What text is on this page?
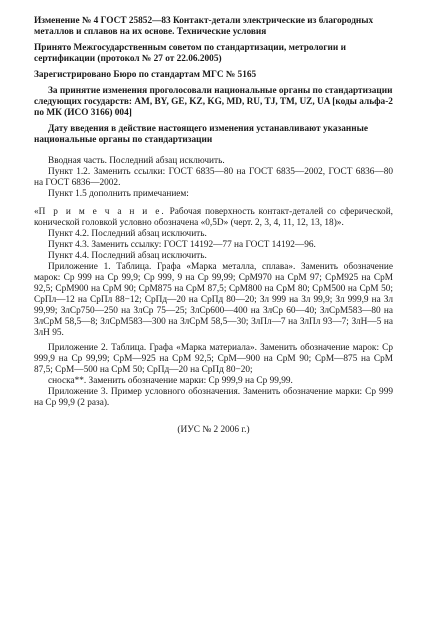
Изменение № 4 ГОСТ 25852—83 Контакт-детали электрические из благородных металлов и сплавов на их основе. Технические условия

Принято Межгосударственным советом по стандартизации, метрологии и сертификации (протокол № 27 от 22.06.2005)

Зарегистрировано Бюро по стандартам МГС № 5165

За принятие изменения проголосовали национальные органы по стандартизации следующих государств: AM, BY, GE, KZ, KG, MD, RU, TJ, TM, UZ, UA [коды альфа-2 по МК (ИСО 3166) 004]

Дату введения в действие настоящего изменения устанавливают указанные национальные органы по стандартизации

Вводная часть. Последний абзац исключить.

Пункт 1.2. Заменить ссылки: ГОСТ 6835—80 на ГОСТ 6835—2002, ГОСТ 6836—80 на ГОСТ 6836—2002.

Пункт 1.5 дополнить примечанием:

«П р и м е ч а н и е. Рабочая поверхность контакт-деталей со сферической, конической головкой условно обозначена «0,5D» (черт. 2, 3, 4, 11, 12, 13, 18)».

Пункт 4.2. Последний абзац исключить.

Пункт 4.3. Заменить ссылку: ГОСТ 14192—77 на ГОСТ 14192—96.

Пункт 4.4. Последний абзац исключить.

Приложение 1. Таблица. Графа «Марка металла, сплава». Заменить обозначение марок: Ср 999 на Ср 99,9; Ср 999, 9 на Ср 99,99; СрМ970 на СрМ 97; СрМ925 на СрМ 92,5; СрМ900 на СрМ 90; СрМ875 на СрМ 87,5; СрМ800 на СрМ 80; СрМ500 на СрМ 50; СрПл—12 на СрПл 88−12; СрПд—20 на СрПд 80—20; Зл 999 на Зл 99,9; Зл 999,9 на Зл 99,99; ЗлСр750—250 на ЗлСр 75—25; ЗлСр600—400 на ЗлСр 60—40; ЗлСрМ583—80 на ЗлСрМ 58,5—8; ЗлСрМ583—300 на ЗлСрМ 58,5—30; ЗлПл—7 на ЗлПл 93—7; ЗлН—5 на ЗлН 95.

Приложение 2. Таблица. Графа «Марка материала». Заменить обозначение марок: Ср 999,9 на Ср 99,99; СрМ—925 на СрМ 92,5; СрМ—900 на СрМ 90; СрМ—875 на СрМ 87,5; СрМ—500 на СрМ 50; СрПд—20 на СрПд 80−20;

сноска**. Заменить обозначение марки: Ср 999,9 на Ср 99,99.

Приложение 3. Пример условного обозначения. Заменить обозначение марки: Ср 999 на Ср 99,9 (2 раза).

(ИУС № 2 2006 г.)
